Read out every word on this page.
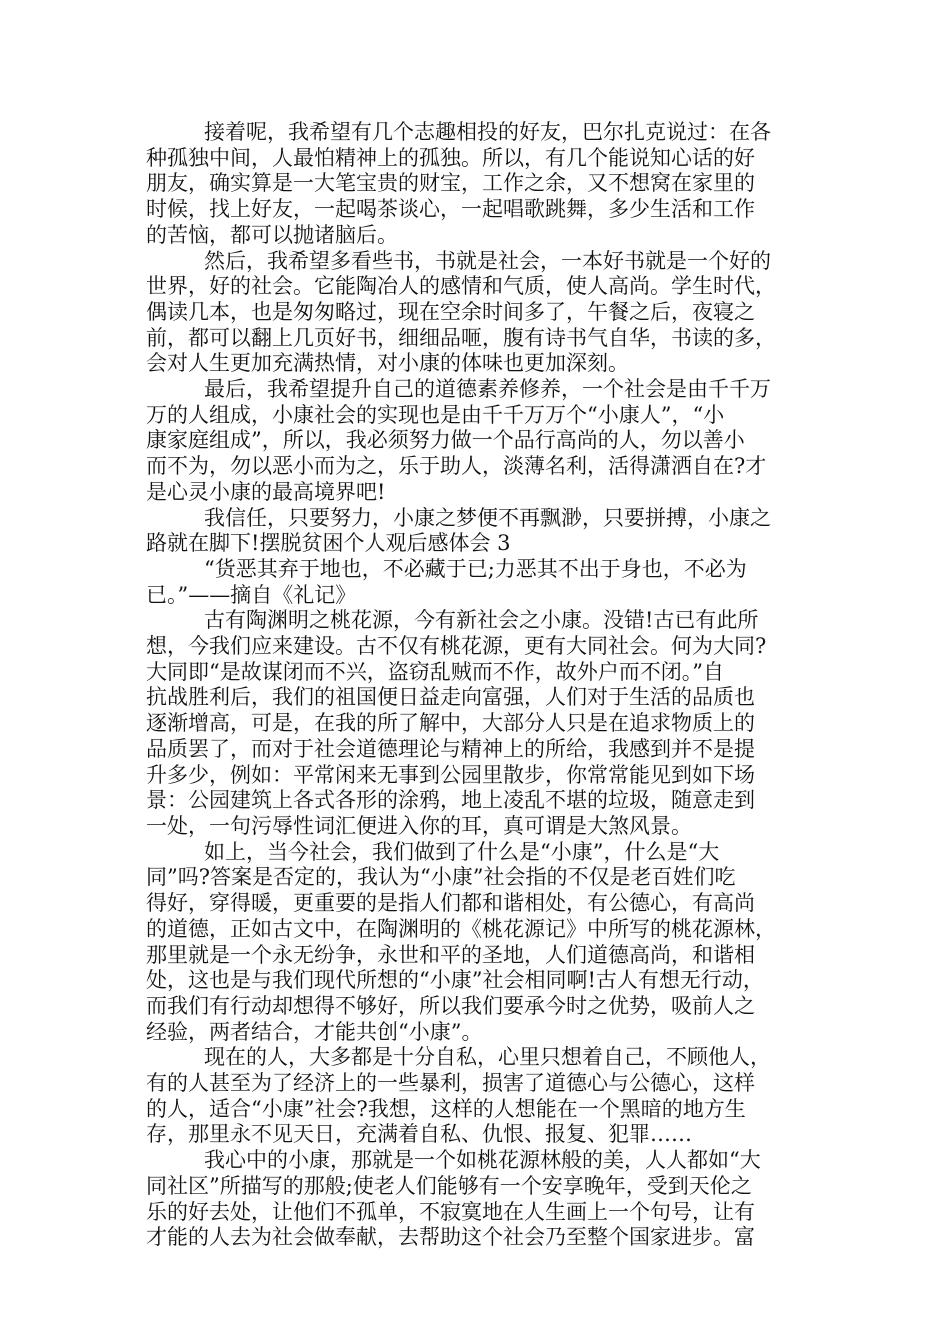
接着呢，我希望有几个志趣相投的好友，巴尔扎克说过：在各
种孤独中间，人最怕精神上的孤独。所以，有几个能说知心话的好
朋友，确实算是一大笔宝贵的财宝，工作之余，又不想窝在家里的
时候，找上好友，一起喝茶谈心，一起唱歌跳舞，多少生活和工作
的苦恼，都可以抛诸脑后。
然后，我希望多看些书，书就是社会，一本好书就是一个好的
世界，好的社会。它能陶冶人的感情和气质，使人高尚。学生时代，
偶读几本，也是匆匆略过，现在空余时间多了，午餐之后，夜寝之
前，都可以翻上几页好书，细细品咂，腹有诗书气自华，书读的多，
会对人生更加充满热情，对小康的体味也更加深刻。
最后，我希望提升自己的道德素养修养，一个社会是由千千万
万的人组成，小康社会的实现也是由千千万万个“小康人”，“小
康家庭组成”，所以，我必须努力做一个品行高尚的人，勿以善小
而不为，勿以恶小而为之，乐于助人，淡薄名利，活得潇洒自在?才
是心灵小康的最高境界吧!
我信任，只要努力，小康之梦便不再飘渺，只要拼搏，小康之
路就在脚下!摆脱贫困个人观后感体会 3
“货恶其弃于地也，不必藏于已;力恶其不出于身也，不必为
已。”——摘自《礼记》
古有陶渊明之桃花源，今有新社会之小康。没错!古已有此所
想，今我们应来建设。古不仅有桃花源，更有大同社会。何为大同?
大同即“是故谋闭而不兴，盗窃乱贼而不作，故外户而不闭。”自
抗战胜利后，我们的祖国便日益走向富强，人们对于生活的品质也
逐渐增高，可是，在我的所了解中，大部分人只是在追求物质上的
品质罢了，而对于社会道德理论与精神上的所给，我感到并不是提
升多少，例如：平常闲来无事到公园里散步，你常常能见到如下场
景：公园建筑上各式各形的涂鸦，地上凌乱不堪的垃圾，随意走到
一处，一句污辱性词汇便进入你的耳，真可谓是大煞风景。
如上，当今社会，我们做到了什么是“小康”，什么是“大
同”吗?答案是否定的，我认为“小康”社会指的不仅是老百姓们吃
得好，穿得暖，更重要的是指人们都和谐相处，有公德心，有高尚
的道德，正如古文中，在陶渊明的《桃花源记》中所写的桃花源林，
那里就是一个永无纷争，永世和平的圣地，人们道德高尚，和谐相
处，这也是与我们现代所想的“小康”社会相同啊!古人有想无行动，
而我们有行动却想得不够好，所以我们要承今时之优势，吸前人之
经验，两者结合，才能共创“小康”。
现在的人，大多都是十分自私，心里只想着自己，不顾他人，
有的人甚至为了经济上的一些暴利，损害了道德心与公德心，这样
的人，适合“小康”社会?我想，这样的人想能在一个黑暗的地方生
存，那里永不见天日，充满着自私、仇恨、报复、犯罪……
我心中的小康，那就是一个如桃花源林般的美，人人都如“大
同社区”所描写的那般;使老人们能够有一个安享晚年，受到天伦之
乐的好去处，让他们不孤单，不寂寞地在人生画上一个句号，让有
才能的人去为社会做奉献，去帮助这个社会乃至整个国家进步。富
